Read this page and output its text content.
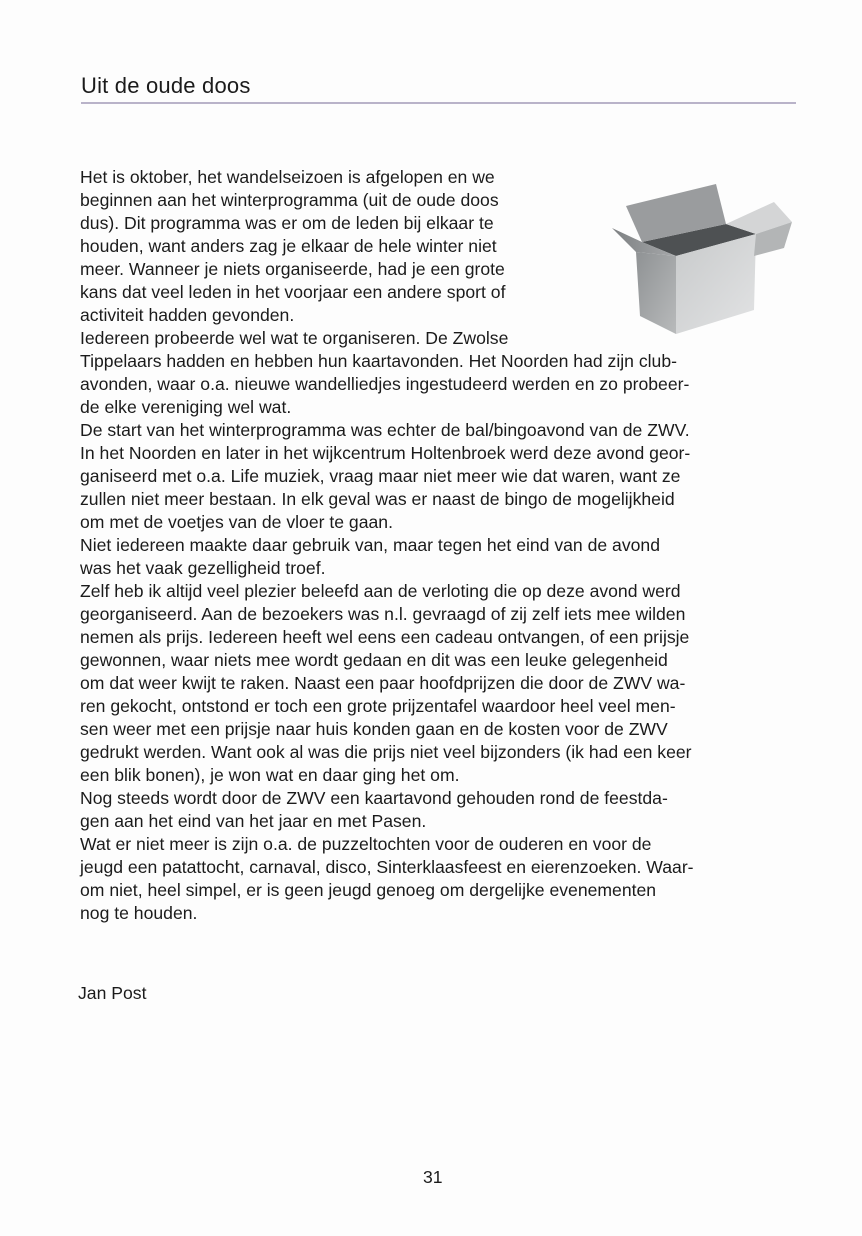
Uit de oude doos
Het is oktober, het wandelseizoen is afgelopen en we
beginnen aan het winterprogramma (uit de oude doos
dus). Dit programma was er om de leden bij elkaar te
houden, want anders zag je elkaar de hele winter niet
meer. Wanneer je niets organiseerde, had je een grote
kans dat veel leden in het voorjaar een andere sport of
activiteit hadden gevonden.
Iedereen probeerde wel wat te organiseren. De Zwolse
Tippelaars hadden en hebben hun kaartavonden. Het Noorden had zijn club-
avonden, waar o.a. nieuwe wandelliedjes ingestudeerd werden en zo probeer-
de elke vereniging wel wat.
De start van het winterprogramma was echter de bal/bingoavond van de ZWV.
In het Noorden en later in het wijkcentrum Holtenbroek werd deze avond geor-
ganiseerd met o.a. Life muziek, vraag maar niet meer wie dat waren, want ze
zullen niet meer bestaan. In elk geval was er naast de bingo de mogelijkheid
om met de voetjes van de vloer te gaan.
Niet iedereen maakte daar gebruik van, maar tegen het eind van de avond
was het vaak gezelligheid troef.
Zelf heb ik altijd veel plezier beleefd aan de verloting die op deze avond werd
georganiseerd. Aan de bezoekers was n.l. gevraagd of zij zelf iets mee wilden
nemen als prijs. Iedereen heeft wel eens een cadeau ontvangen, of een prijsje
gewonnen, waar niets mee wordt gedaan en dit was een leuke gelegenheid
om dat weer kwijt te raken. Naast een paar hoofdprijzen die door de ZWV wa-
ren gekocht, ontstond er toch een grote prijzentafel waardoor heel veel men-
sen weer met een prijsje naar huis konden gaan en de kosten voor de ZWV
gedrukt werden. Want ook al was die prijs niet veel bijzonders (ik had een keer
een blik bonen), je won wat en daar ging het om.
Nog steeds wordt door de ZWV een kaartavond gehouden rond de feestda-
gen aan het eind van het jaar en met Pasen.
Wat er niet meer is zijn o.a. de puzzeltochten voor de ouderen en voor de
jeugd een patattocht, carnaval, disco, Sinterklaasfeest en eierenzoeken. Waar-
om niet, heel simpel, er is geen jeugd genoeg om dergelijke evenementen
nog te houden.
Jan Post
31
